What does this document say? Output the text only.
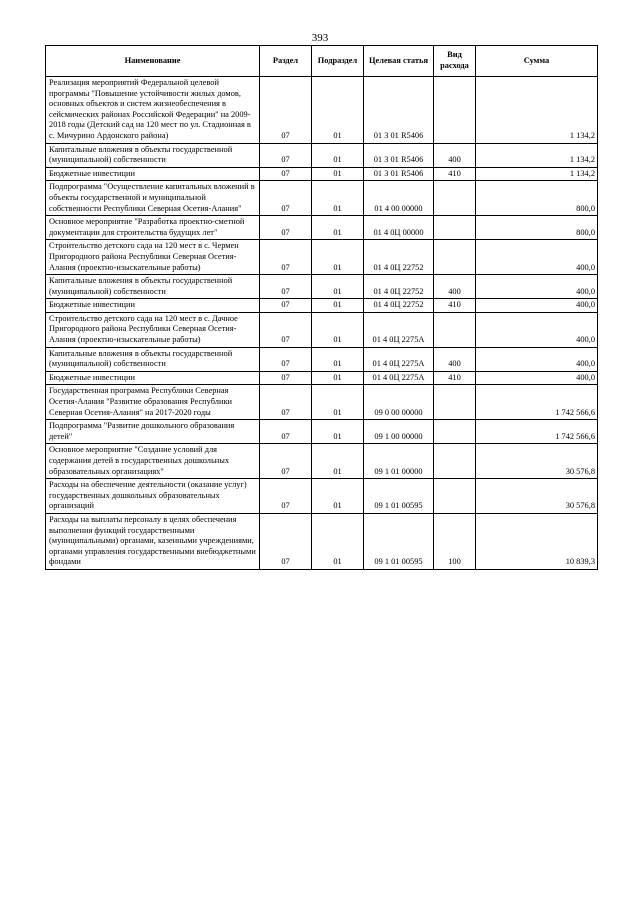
393
Наименование	Раздел	Подраздел	Целевая статья	Вид расхода	Сумма
Реализация мероприятий Федеральной целевой программы "Повышение устойчивости жилых домов, основных объектов и систем жизнеобеспечения в сейсмических районах Российской Федерации" на 2009-2018 годы (Детский сад на 120 мест по ул. Стадионная в с. Мичурино Ардонского района)	07	01	01 3 01 R5406		1 134,2
Капитальные вложения в объекты государственной (муниципальной) собственности	07	01	01 3 01 R5406	400	1 134,2
Бюджетные инвестиции	07	01	01 3 01 R5406	410	1 134,2
Подпрограмма "Осуществление капитальных вложений в объекты государственной и муниципальной собственности Республики Северная Осетия-Алания"	07	01	01 4 00 00000		800,0
Основное мероприятие "Разработка проектно-сметной документации для строительства будущих лет"	07	01	01 4 0Ц 00000		800,0
Строительство детского сада на 120 мест в с. Чермен Пригородного района Республики Северная Осетия-Алания (проектно-изыскательные работы)	07	01	01 4 0Ц 22752		400,0
Капитальные вложения в объекты государственной (муниципальной) собственности	07	01	01 4 0Ц 22752	400	400,0
Бюджетные инвестиции	07	01	01 4 0Ц 22752	410	400,0
Строительство детского сада на 120 мест в с. Дачное Пригородного района Республики Северная Осетия-Алания (проектно-изыскательные работы)	07	01	01 4 0Ц 2275А		400,0
Капитальные вложения в объекты государственной (муниципальной) собственности	07	01	01 4 0Ц 2275А	400	400,0
Бюджетные инвестиции	07	01	01 4 0Ц 2275А	410	400,0
Государственная программа Республики Северная Осетия-Алания "Развитие образования Республики Северная Осетия-Алания" на 2017-2020 годы	07	01	09 0 00 00000		1 742 566,6
Подпрограмма "Развитие дошкольного образования детей"	07	01	09 1 00 00000		1 742 566,6
Основное мероприятие "Создание условий для содержания детей в государственных дошкольных образовательных организациях"	07	01	09 1 01 00000		30 576,8
Расходы на обеспечение деятельности (оказание услуг) государственных дошкольных образовательных организаций	07	01	09 1 01 00595		30 576,8
Расходы на выплаты персоналу в целях обеспечения выполнения функций государственными (муниципальными) органами, казенными учреждениями, органами управления государственными внебюджетными фондами	07	01	09 1 01 00595	100	10 839,3
